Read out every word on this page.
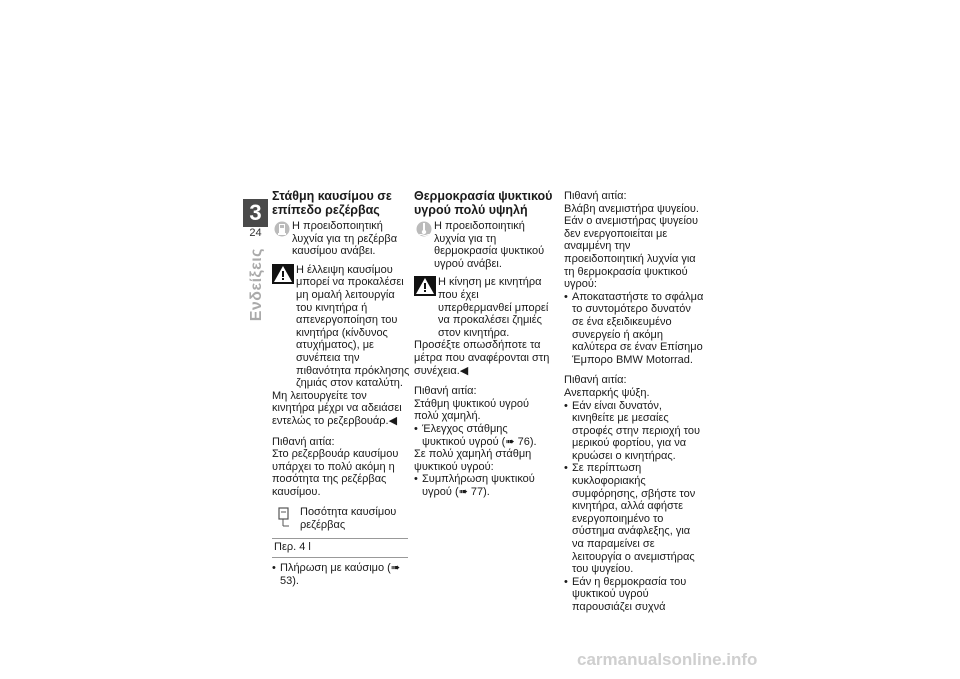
3
24
Ενδείξεις
Στάθμη καυσίμου σε επίπεδο ρεζέρβας

Η προειδοποιητική λυχνία για τη ρεζέρβα καυσίμου ανάβει.

Η έλλειψη καυσίμου μπορεί να προκαλέσει μη ομαλή λειτουργία του κινητήρα ή απενεργοποίηση του κινητήρα (κίνδυνος ατυχήματος), με συνέπεια την πιθανότητα πρόκλησης ζημιάς στον καταλύτη.

Μη λειτουργείτε τον κινητήρα μέχρι να αδειάσει εντελώς το ρεζερβουάρ.◀

Πιθανή αιτία:

Στο ρεζερβουάρ καυσίμου υπάρχει το πολύ ακόμη η ποσότητα της ρεζέρβας καυσίμου.

Ποσότητα καυσίμου ρεζέρβας
Περ. 4 l

• Πλήρωση με καύσιμο (➠ 53).

Θερμοκρασία ψυκτικού υγρού πολύ υψηλή

Η προειδοποιητική λυχνία για τη θερμοκρασία ψυκτικού υγρού ανάβει.

Η κίνηση με κινητήρα που έχει υπερθερμανθεί μπορεί να προκαλέσει ζημιές στον κινητήρα.

Προσέξτε οπωσδήποτε τα μέτρα που αναφέρονται στη συνέχεια.◀

Πιθανή αιτία:

Στάθμη ψυκτικού υγρού πολύ χαμηλή.

• Έλεγχος στάθμης ψυκτικού υγρού (➠ 76).

Σε πολύ χαμηλή στάθμη ψυκτικού υγρού:

• Συμπλήρωση ψυκτικού υγρού (➠ 77).

Πιθανή αιτία:

Βλάβη ανεμιστήρα ψυγείου.

Εάν ο ανεμιστήρας ψυγείου δεν ενεργοποιείται με αναμμένη την προειδοποιητική λυχνία για τη θερμοκρασία ψυκτικού υγρού:

• Αποκαταστήστε το σφάλμα το συντομότερο δυνατόν σε ένα εξειδικευμένο συνεργείο ή ακόμη καλύτερα σε έναν Επίσημο Έμπορο BMW Motorrad.

Πιθανή αιτία:

Ανεπαρκής ψύξη.

• Εάν είναι δυνατόν, κινηθείτε με μεσαίες στροφές στην περιοχή του μερικού φορτίου, για να κρυώσει ο κινητήρας.

• Σε περίπτωση κυκλοφοριακής συμφόρησης, σβήστε τον κινητήρα, αλλά αφήστε ενεργοποιημένο το σύστημα ανάφλεξης, για να παραμείνει σε λειτουργία ο ανεμιστήρας του ψυγείου.

• Εάν η θερμοκρασία του ψυκτικού υγρού παρουσιάζει συχνά

carmanualsonline.info
